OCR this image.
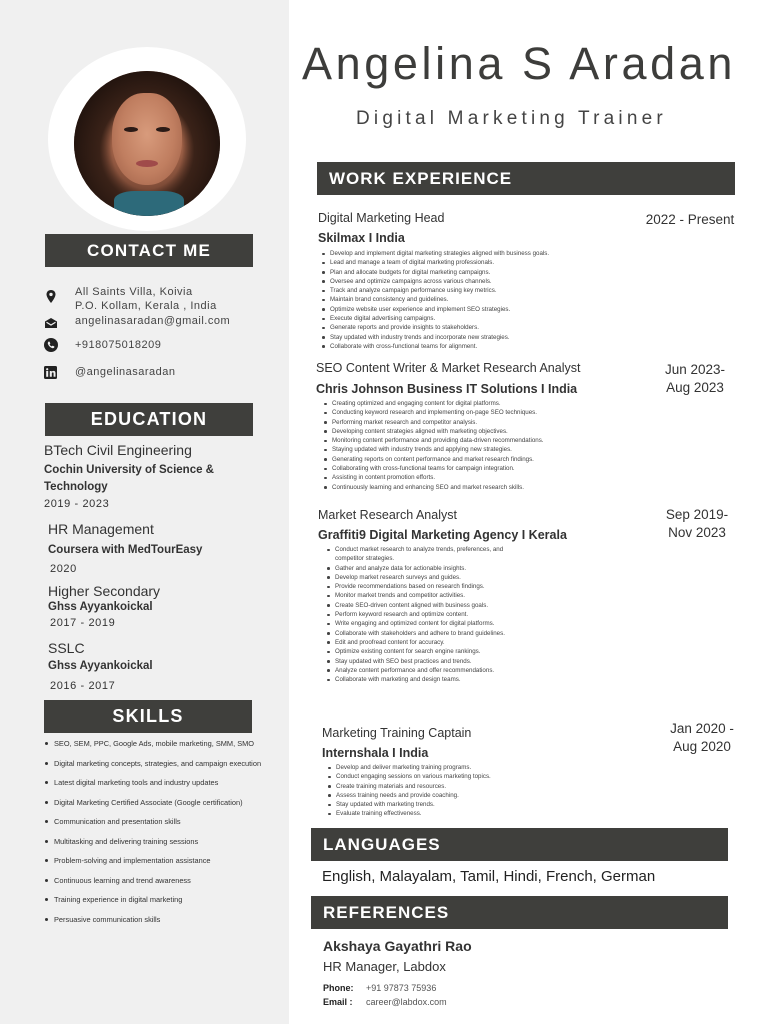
CONTACT ME
All Saints Villa, Koivia
P.O. Kollam, Kerala , India
angelinasaradan@gmail.com
+918075018209
@angelinasaradan
EDUCATION
BTech Civil Engineering
Cochin University of Science &
Technology
2019 - 2023
HR Management
Coursera with MedTourEasy
2020
Higher Secondary
Ghss Ayyankoickal
2017 - 2019
SSLC
Ghss Ayyankoickal
2016 - 2017
SKILLS
SEO, SEM, PPC, Google Ads, mobile marketing, SMM, SMO
Digital marketing concepts, strategies, and campaign execution
Latest digital marketing tools and industry updates
Digital Marketing Certified Associate (Google certification)
Communication and presentation skills
Multitasking and delivering training sessions
Problem-solving and implementation assistance
Continuous learning and trend awareness
Training experience in digital marketing
Persuasive communication skills
Angelina S Aradan
Digital Marketing Trainer
WORK EXPERIENCE
Digital Marketing Head
Skilmax I India
2022 - Present
Develop and implement digital marketing strategies aligned with business goals.
Lead and manage a team of digital marketing professionals.
Plan and allocate budgets for digital marketing campaigns.
Oversee and optimize campaigns across various channels.
Track and analyze campaign performance using key metrics.
Maintain brand consistency and guidelines.
Optimize website user experience and implement SEO strategies.
Execute digital advertising campaigns.
Generate reports and provide insights to stakeholders.
Stay updated with industry trends and incorporate new strategies.
Collaborate with cross-functional teams for alignment.
SEO Content Writer & Market Research Analyst
Chris Johnson Business IT Solutions I India
Jun 2023-
Aug 2023
Creating optimized and engaging content for digital platforms.
Conducting keyword research and implementing on-page SEO techniques.
Performing market research and competitor analysis.
Developing content strategies aligned with marketing objectives.
Monitoring content performance and providing data-driven recommendations.
Staying updated with industry trends and applying new strategies.
Generating reports on content performance and market research findings.
Collaborating with cross-functional teams for campaign integration.
Assisting in content promotion efforts.
Continuously learning and enhancing SEO and market research skills.
Market Research Analyst
Graffiti9 Digital Marketing Agency I Kerala
Sep 2019-
Nov 2023
Conduct market research to analyze trends, preferences, and competitor strategies.
Gather and analyze data for actionable insights.
Develop market research surveys and guides.
Provide recommendations based on research findings.
Monitor market trends and competitor activities.
Create SEO-driven content aligned with business goals.
Perform keyword research and optimize content.
Write engaging and optimized content for digital platforms.
Collaborate with stakeholders and adhere to brand guidelines.
Edit and proofread content for accuracy.
Optimize existing content for search engine rankings.
Stay updated with SEO best practices and trends.
Analyze content performance and offer recommendations.
Collaborate with marketing and design teams.
Marketing Training Captain
Internshala I India
Jan 2020 -
Aug 2020
Develop and deliver marketing training programs.
Conduct engaging sessions on various marketing topics.
Create training materials and resources.
Assess training needs and provide coaching.
Stay updated with marketing trends.
Evaluate training effectiveness.
LANGUAGES
English, Malayalam, Tamil, Hindi, French, German
REFERENCES
Akshaya Gayathri Rao
HR Manager, Labdox
Phone: +91 97873 75936
Email : career@labdox.com
